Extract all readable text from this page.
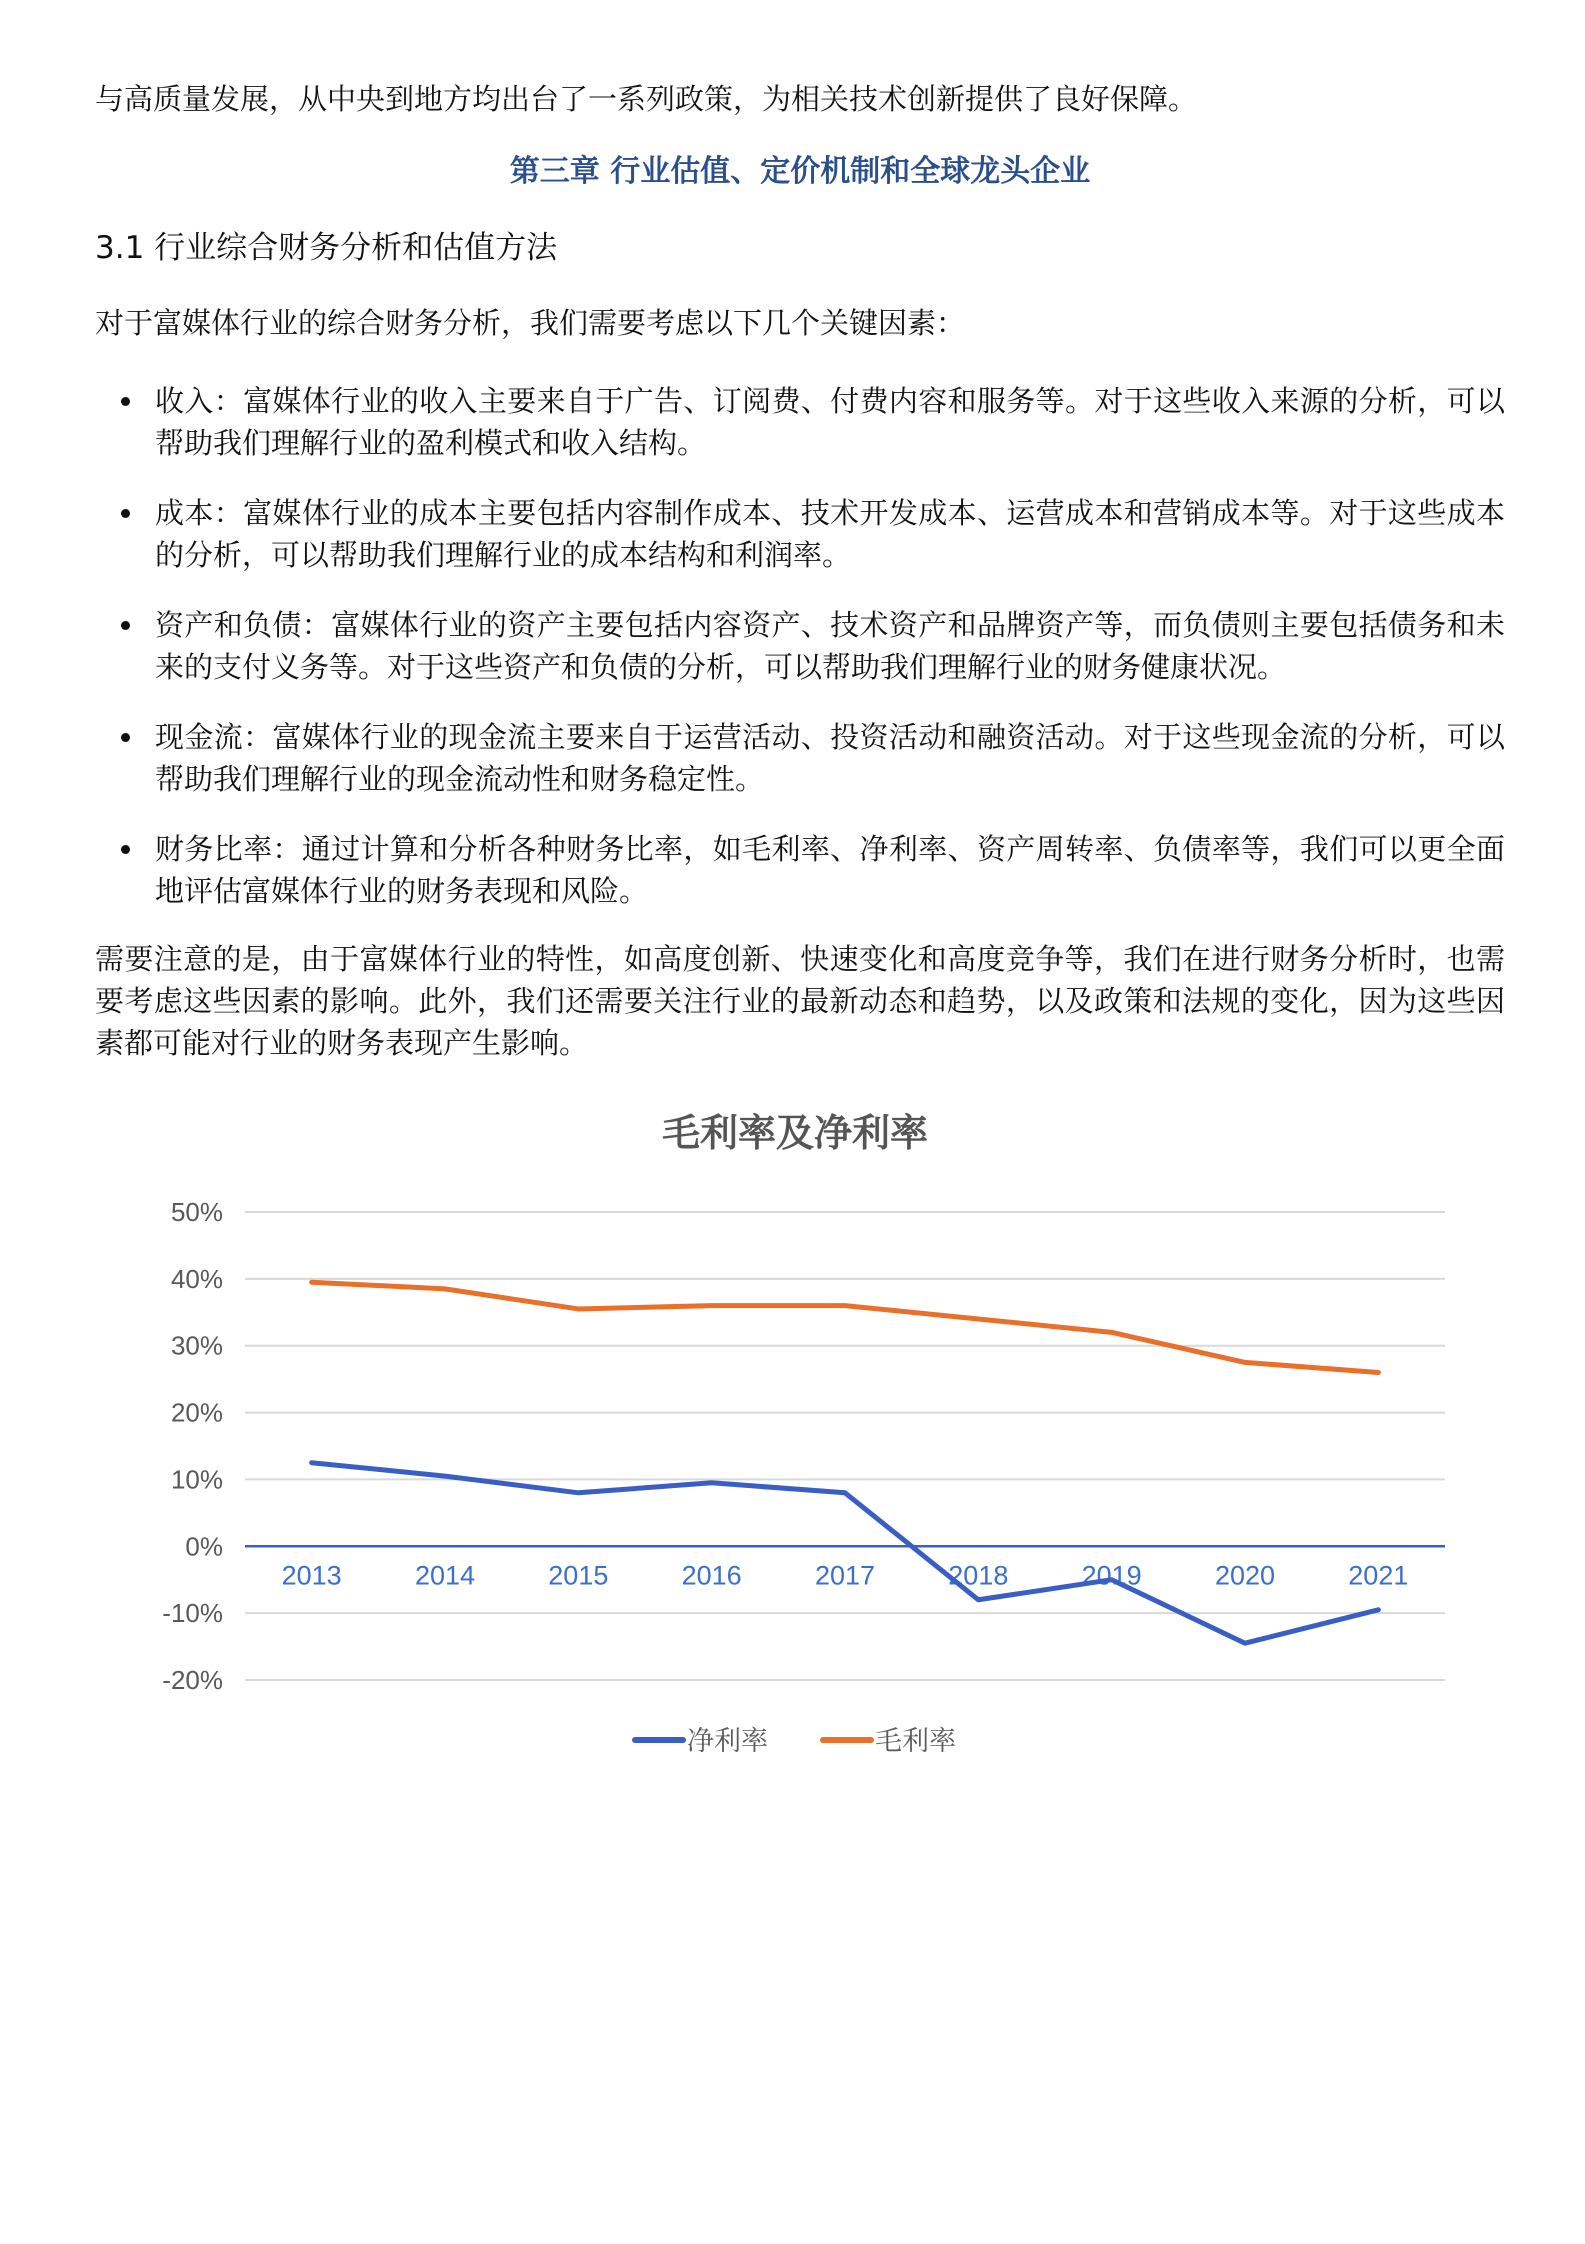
与高质量发展，从中央到地方均出台了一系列政策，为相关技术创新提供了良好保障。

第三章 行业估值、定价机制和全球龙头企业
3.1 行业综合财务分析和估值方法

对于富媒体行业的综合财务分析，我们需要考虑以下几个关键因素：

收入：富媒体行业的收入主要来自于广告、订阅费、付费内容和服务等。对于这些收入来源的分析，可以帮助我们理解行业的盈利模式和收入结构。
成本：富媒体行业的成本主要包括内容制作成本、技术开发成本、运营成本和营销成本等。对于这些成本的分析，可以帮助我们理解行业的成本结构和利润率。
资产和负债：富媒体行业的资产主要包括内容资产、技术资产和品牌资产等，而负债则主要包括债务和未来的支付义务等。对于这些资产和负债的分析，可以帮助我们理解行业的财务健康状况。
现金流：富媒体行业的现金流主要来自于运营活动、投资活动和融资活动。对于这些现金流的分析，可以帮助我们理解行业的现金流动性和财务稳定性。
财务比率：通过计算和分析各种财务比率，如毛利率、净利率、资产周转率、负债率等，我们可以更全面地评估富媒体行业的财务表现和风险。

需要注意的是，由于富媒体行业的特性，如高度创新、快速变化和高度竞争等，我们在进行财务分析时，也需要考虑这些因素的影响。此外，我们还需要关注行业的最新动态和趋势，以及政策和法规的变化，因为这些因素都可能对行业的财务表现产生影响。

毛利率及净利率
50%
40%
30%
20%
10%
0%
-10%
-20%
2013	2014	2015	2016	2017	2018	2019	2020	2021
净利率	毛利率
